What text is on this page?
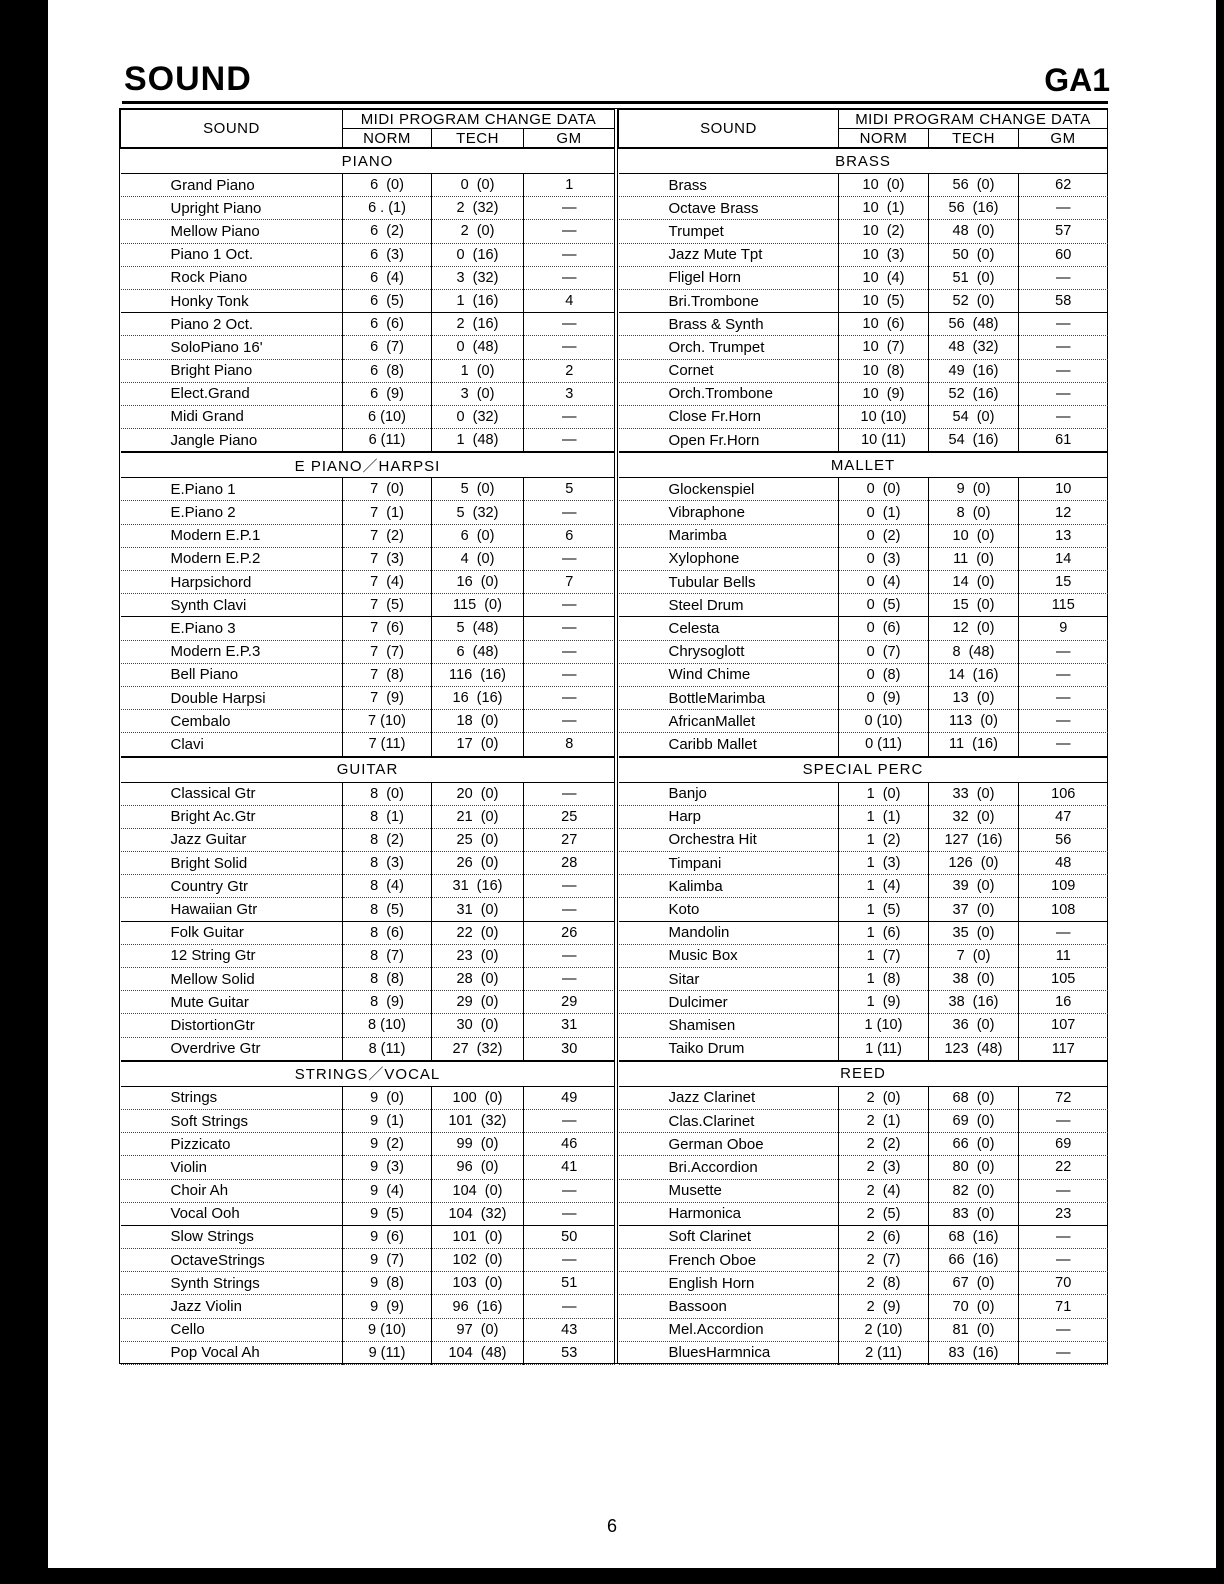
SOUND	GA1
SOUND	MIDI PROGRAM CHANGE DATA		
	NORM	TECH	GM
PIANO			
Grand Piano	6  (0)	0  (0)	1
Upright Piano	6 . (1)	2  (32)	—
Mellow Piano	6  (2)	2  (0)	—
Piano 1 Oct.	6  (3)	0  (16)	—
Rock Piano	6  (4)	3  (32)	—
Honky Tonk	6  (5)	1  (16)	4
Piano 2 Oct.	6  (6)	2  (16)	—
SoloPiano 16'	6  (7)	0  (48)	—
Bright Piano	6  (8)	1  (0)	2
Elect.Grand	6  (9)	3  (0)	3
Midi Grand	6 (10)	0  (32)	—
Jangle Piano	6 (11)	1  (48)	—
E PIANO／HARPSI			
E.Piano 1	7  (0)	5  (0)	5
E.Piano 2	7  (1)	5  (32)	—
Modern E.P.1	7  (2)	6  (0)	6
Modern E.P.2	7  (3)	4  (0)	—
Harpsichord	7  (4)	16  (0)	7
Synth Clavi	7  (5)	115  (0)	—
E.Piano 3	7  (6)	5  (48)	—
Modern E.P.3	7  (7)	6  (48)	—
Bell Piano	7  (8)	116  (16)	—
Double Harpsi	7  (9)	16  (16)	—
Cembalo	7 (10)	18  (0)	—
Clavi	7 (11)	17  (0)	8
GUITAR			
Classical Gtr	8  (0)	20  (0)	—
Bright Ac.Gtr	8  (1)	21  (0)	25
Jazz Guitar	8  (2)	25  (0)	27
Bright Solid	8  (3)	26  (0)	28
Country Gtr	8  (4)	31  (16)	—
Hawaiian Gtr	8  (5)	31  (0)	—
Folk Guitar	8  (6)	22  (0)	26
12 String Gtr	8  (7)	23  (0)	—
Mellow Solid	8  (8)	28  (0)	—
Mute Guitar	8  (9)	29  (0)	29
DistortionGtr	8 (10)	30  (0)	31
Overdrive Gtr	8 (11)	27  (32)	30
STRINGS／VOCAL			
Strings	9  (0)	100  (0)	49
Soft Strings	9  (1)	101  (32)	—
Pizzicato	9  (2)	99  (0)	46
Violin	9  (3)	96  (0)	41
Choir Ah	9  (4)	104  (0)	—
Vocal Ooh	9  (5)	104  (32)	—
Slow Strings	9  (6)	101  (0)	50
OctaveStrings	9  (7)	102  (0)	—
Synth Strings	9  (8)	103  (0)	51
Jazz Violin	9  (9)	96  (16)	—
Cello	9 (10)	97  (0)	43
Pop Vocal Ah	9 (11)	104  (48)	53
SOUND	MIDI PROGRAM CHANGE DATA		
	NORM	TECH	GM
BRASS			
Brass	10  (0)	56  (0)	62
Octave Brass	10  (1)	56  (16)	—
Trumpet	10  (2)	48  (0)	57
Jazz Mute Tpt	10  (3)	50  (0)	60
Fligel Horn	10  (4)	51  (0)	—
Bri.Trombone	10  (5)	52  (0)	58
Brass & Synth	10  (6)	56  (48)	—
Orch. Trumpet	10  (7)	48  (32)	—
Cornet	10  (8)	49  (16)	—
Orch.Trombone	10  (9)	52  (16)	—
Close Fr.Horn	10 (10)	54  (0)	—
Open Fr.Horn	10 (11)	54  (16)	61
MALLET			
Glockenspiel	0  (0)	9  (0)	10
Vibraphone	0  (1)	8  (0)	12
Marimba	0  (2)	10  (0)	13
Xylophone	0  (3)	11  (0)	14
Tubular Bells	0  (4)	14  (0)	15
Steel Drum	0  (5)	15  (0)	115
Celesta	0  (6)	12  (0)	9
Chrysoglott	0  (7)	8  (48)	—
Wind Chime	0  (8)	14  (16)	—
BottleMarimba	0  (9)	13  (0)	—
AfricanMallet	0 (10)	113  (0)	—
Caribb Mallet	0 (11)	11  (16)	—
SPECIAL PERC			
Banjo	1  (0)	33  (0)	106
Harp	1  (1)	32  (0)	47
Orchestra Hit	1  (2)	127  (16)	56
Timpani	1  (3)	126  (0)	48
Kalimba	1  (4)	39  (0)	109
Koto	1  (5)	37  (0)	108
Mandolin	1  (6)	35  (0)	—
Music Box	1  (7)	7  (0)	11
Sitar	1  (8)	38  (0)	105
Dulcimer	1  (9)	38  (16)	16
Shamisen	1 (10)	36  (0)	107
Taiko Drum	1 (11)	123  (48)	117
REED			
Jazz Clarinet	2  (0)	68  (0)	72
Clas.Clarinet	2  (1)	69  (0)	—
German Oboe	2  (2)	66  (0)	69
Bri.Accordion	2  (3)	80  (0)	22
Musette	2  (4)	82  (0)	—
Harmonica	2  (5)	83  (0)	23
Soft Clarinet	2  (6)	68  (16)	—
French Oboe	2  (7)	66  (16)	—
English Horn	2  (8)	67  (0)	70
Bassoon	2  (9)	70  (0)	71
Mel.Accordion	2 (10)	81  (0)	—
BluesHarmnica	2 (11)	83  (16)	—
6
